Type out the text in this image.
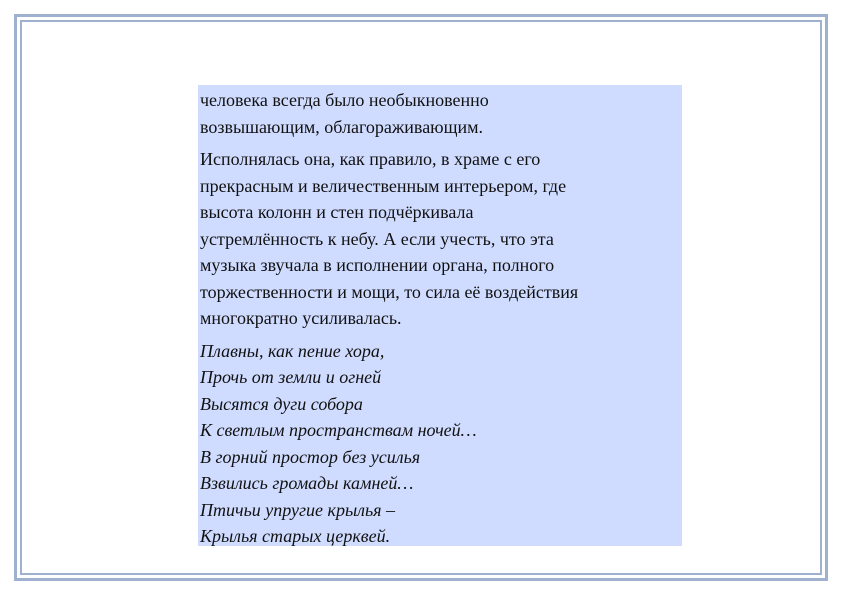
человека всегда было необыкновенно
возвышающим, облагораживающим.
Исполнялась она, как правило, в храме с его
прекрасным и величественным интерьером, где
высота колонн и стен подчёркивала
устремлённость к небу. А если учесть, что эта
музыка звучала в исполнении органа, полного
торжественности и мощи, то сила её воздействия
многократно усиливалась.
Плавны, как пение хора,
Прочь от земли и огней
Высятся дуги собора
К светлым пространствам ночей…
В горний простор без усилья
Взвились громады камней…
Птичьи упругие крылья –
Крылья старых церквей.
